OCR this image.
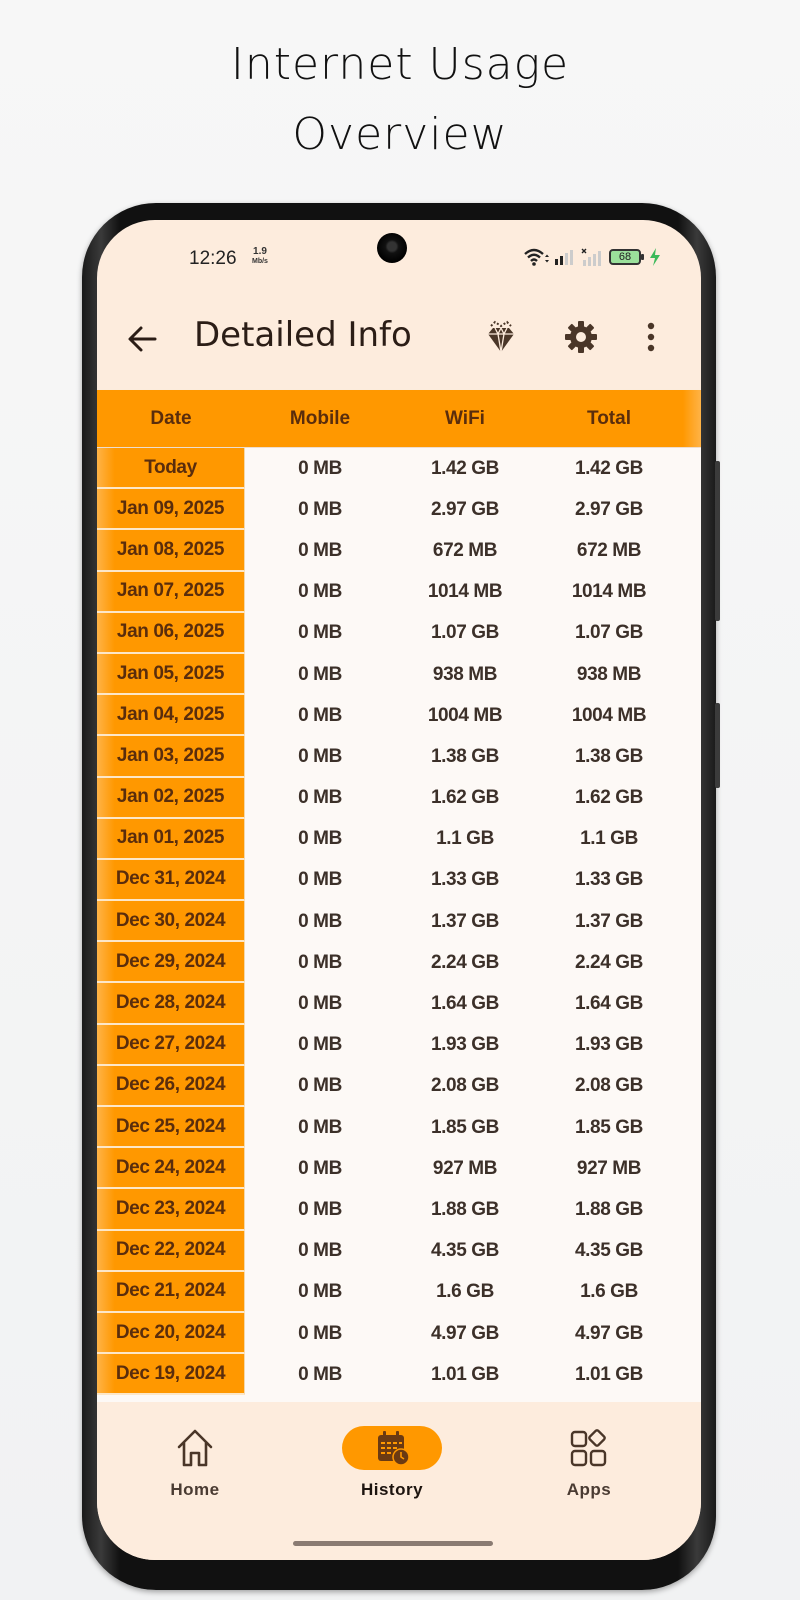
Internet Usage
Overview
12:26 1.9
Mb/s	68
Detailed Info
Date	Mobile	WiFi	Total
Today	0 MB	1.42 GB	1.42 GB
Jan 09, 2025	0 MB	2.97 GB	2.97 GB
Jan 08, 2025	0 MB	672 MB	672 MB
Jan 07, 2025	0 MB	1014 MB	1014 MB
Jan 06, 2025	0 MB	1.07 GB	1.07 GB
Jan 05, 2025	0 MB	938 MB	938 MB
Jan 04, 2025	0 MB	1004 MB	1004 MB
Jan 03, 2025	0 MB	1.38 GB	1.38 GB
Jan 02, 2025	0 MB	1.62 GB	1.62 GB
Jan 01, 2025	0 MB	1.1 GB	1.1 GB
Dec 31, 2024	0 MB	1.33 GB	1.33 GB
Dec 30, 2024	0 MB	1.37 GB	1.37 GB
Dec 29, 2024	0 MB	2.24 GB	2.24 GB
Dec 28, 2024	0 MB	1.64 GB	1.64 GB
Dec 27, 2024	0 MB	1.93 GB	1.93 GB
Dec 26, 2024	0 MB	2.08 GB	2.08 GB
Dec 25, 2024	0 MB	1.85 GB	1.85 GB
Dec 24, 2024	0 MB	927 MB	927 MB
Dec 23, 2024	0 MB	1.88 GB	1.88 GB
Dec 22, 2024	0 MB	4.35 GB	4.35 GB
Dec 21, 2024	0 MB	1.6 GB	1.6 GB
Dec 20, 2024	0 MB	4.97 GB	4.97 GB
Dec 19, 2024	0 MB	1.01 GB	1.01 GB
Home	History	Apps
